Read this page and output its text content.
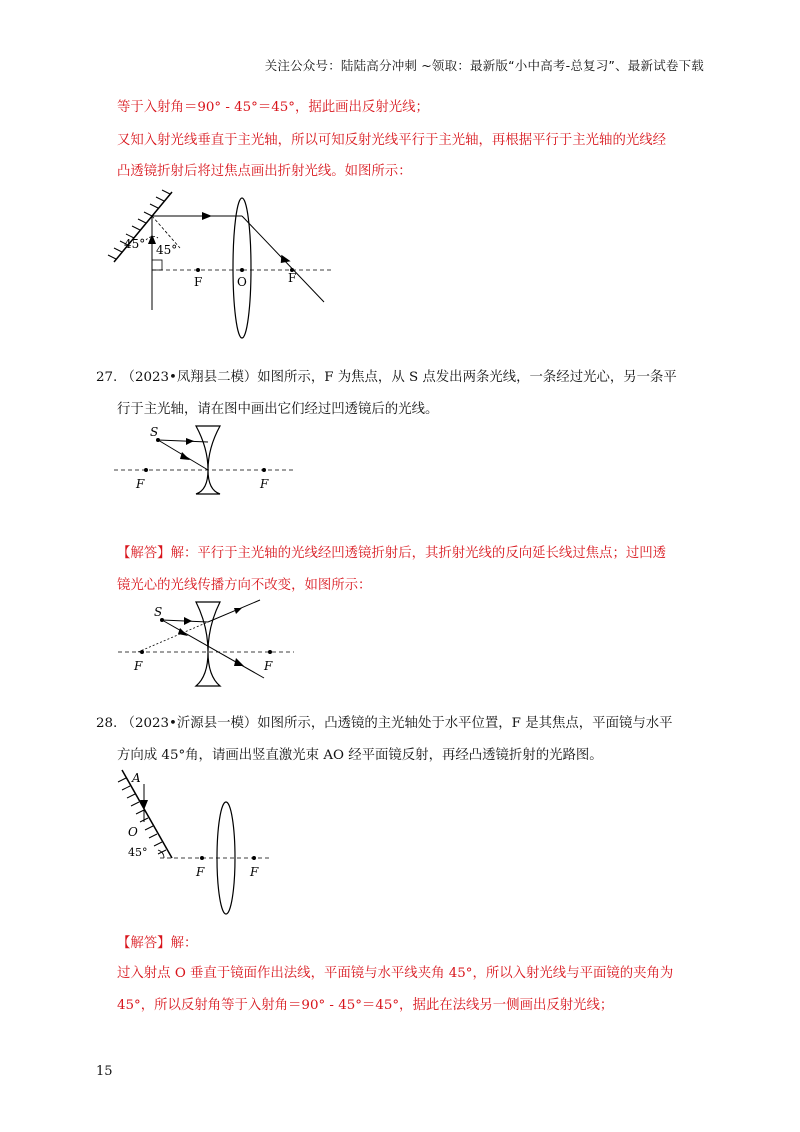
关注公众号：陆陆高分冲刺 ~领取：最新版“小中高考-总复习”、最新试卷下载
等于入射角＝90° - 45°＝45°，据此画出反射光线；
又知入射光线垂直于主光轴，所以可知反射光线平行于主光轴，再根据平行于主光轴的光线经
凸透镜折射后将过焦点画出折射光线。如图所示：
45° 45°
F	O	F
27. （2023•凤翔县二模）如图所示，F 为焦点，从 S 点发出两条光线，一条经过光心，另一条平
行于主光轴，请在图中画出它们经过凹透镜后的光线。
S
F	F
【解答】解：平行于主光轴的光线经凹透镜折射后，其折射光线的反向延长线过焦点；过凹透
镜光心的光线传播方向不改变，如图所示：
S
F	F
28. （2023•沂源县一模）如图所示，凸透镜的主光轴处于水平位置，F 是其焦点，平面镜与水平
方向成 45°角，请画出竖直激光束 AO 经平面镜反射，再经凸透镜折射的光路图。
A
O
45°
F	F
【解答】解：
过入射点 O 垂直于镜面作出法线，平面镜与水平线夹角 45°，所以入射光线与平面镜的夹角为
45°，所以反射角等于入射角＝90° - 45°＝45°，据此在法线另一侧画出反射光线；
15
